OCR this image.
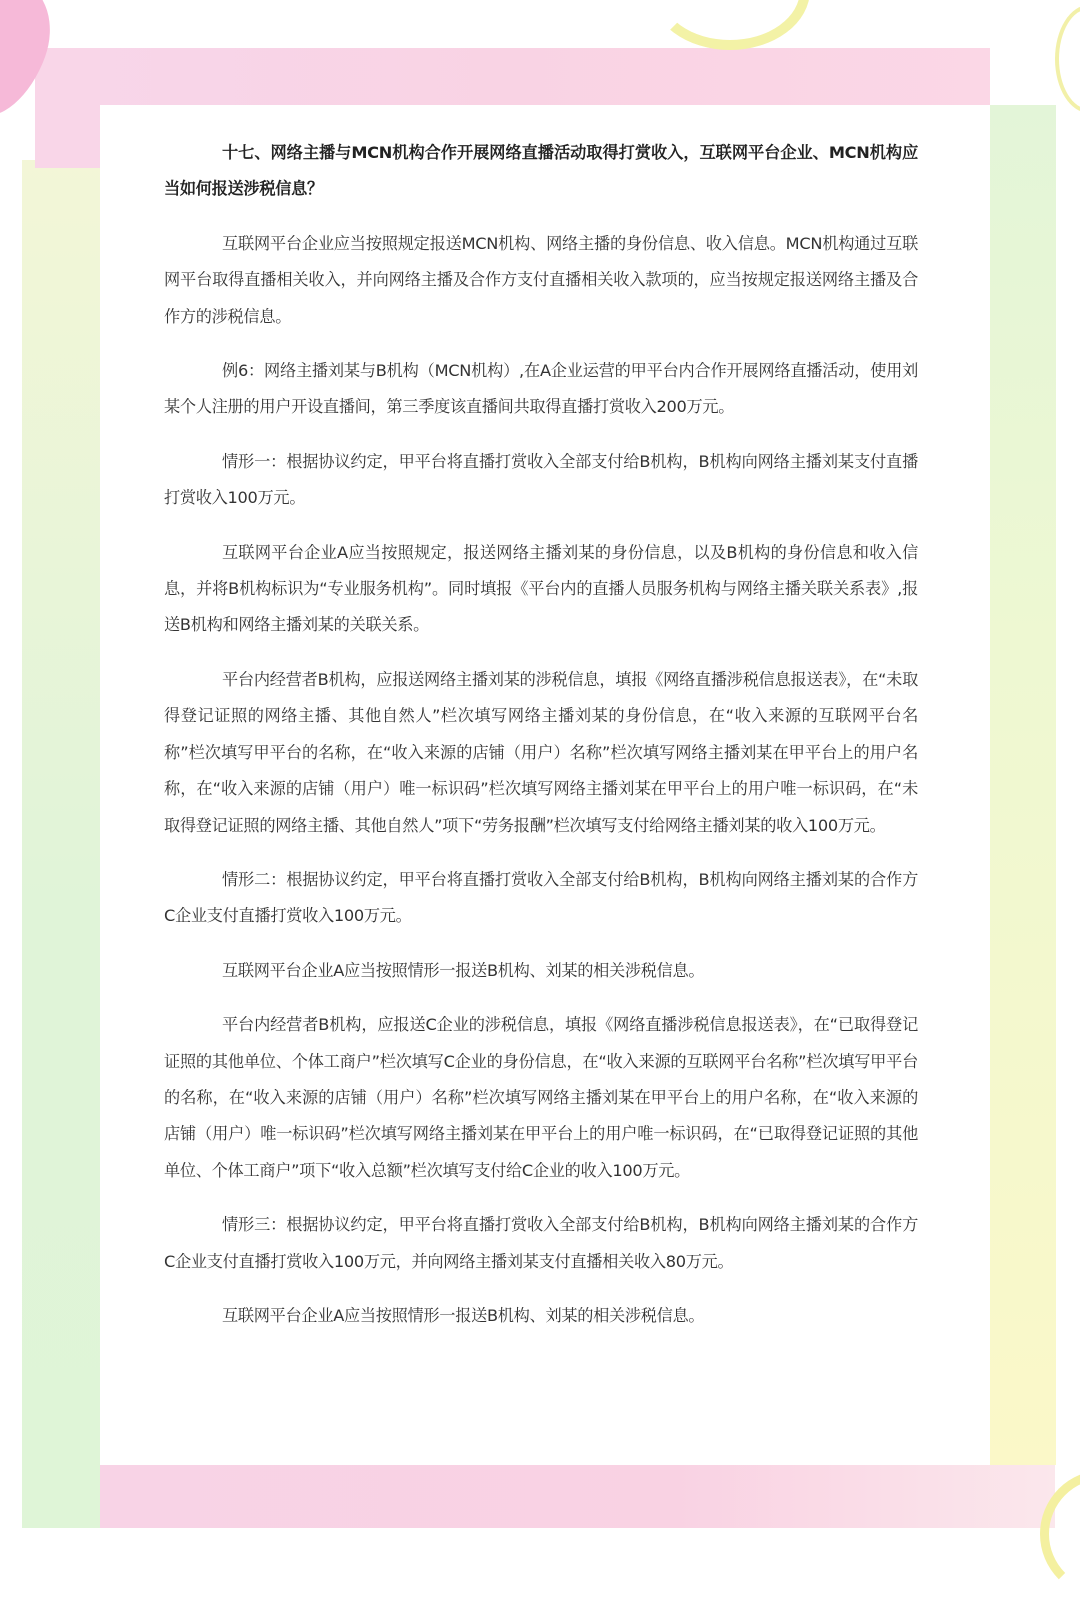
十七、网络主播与MCN机构合作开展网络直播活动取得打赏收入，互联网平台企业、MCN机构应当如何报送涉税信息？

互联网平台企业应当按照规定报送MCN机构、网络主播的身份信息、收入信息。MCN机构通过互联网平台取得直播相关收入，并向网络主播及合作方支付直播相关收入款项的，应当按规定报送网络主播及合作方的涉税信息。

例6：网络主播刘某与B机构（MCN机构）,在A企业运营的甲平台内合作开展网络直播活动，使用刘某个人注册的用户开设直播间，第三季度该直播间共取得直播打赏收入200万元。

情形一：根据协议约定，甲平台将直播打赏收入全部支付给B机构，B机构向网络主播刘某支付直播打赏收入100万元。

互联网平台企业A应当按照规定，报送网络主播刘某的身份信息，以及B机构的身份信息和收入信息，并将B机构标识为“专业服务机构”。同时填报《平台内的直播人员服务机构与网络主播关联关系表》,报送B机构和网络主播刘某的关联关系。

平台内经营者B机构，应报送网络主播刘某的涉税信息，填报《网络直播涉税信息报送表》，在“未取得登记证照的网络主播、其他自然人”栏次填写网络主播刘某的身份信息，在“收入来源的互联网平台名称”栏次填写甲平台的名称，在“收入来源的店铺（用户）名称”栏次填写网络主播刘某在甲平台上的用户名称，在“收入来源的店铺（用户）唯一标识码”栏次填写网络主播刘某在甲平台上的用户唯一标识码，在“未取得登记证照的网络主播、其他自然人”项下“劳务报酬”栏次填写支付给网络主播刘某的收入100万元。

情形二：根据协议约定，甲平台将直播打赏收入全部支付给B机构，B机构向网络主播刘某的合作方C企业支付直播打赏收入100万元。

互联网平台企业A应当按照情形一报送B机构、刘某的相关涉税信息。

平台内经营者B机构，应报送C企业的涉税信息，填报《网络直播涉税信息报送表》，在“已取得登记证照的其他单位、个体工商户”栏次填写C企业的身份信息，在“收入来源的互联网平台名称”栏次填写甲平台的名称，在“收入来源的店铺（用户）名称”栏次填写网络主播刘某在甲平台上的用户名称，在“收入来源的店铺（用户）唯一标识码”栏次填写网络主播刘某在甲平台上的用户唯一标识码，在“已取得登记证照的其他单位、个体工商户”项下“收入总额”栏次填写支付给C企业的收入100万元。

情形三：根据协议约定，甲平台将直播打赏收入全部支付给B机构，B机构向网络主播刘某的合作方C企业支付直播打赏收入100万元，并向网络主播刘某支付直播相关收入80万元。

互联网平台企业A应当按照情形一报送B机构、刘某的相关涉税信息。
